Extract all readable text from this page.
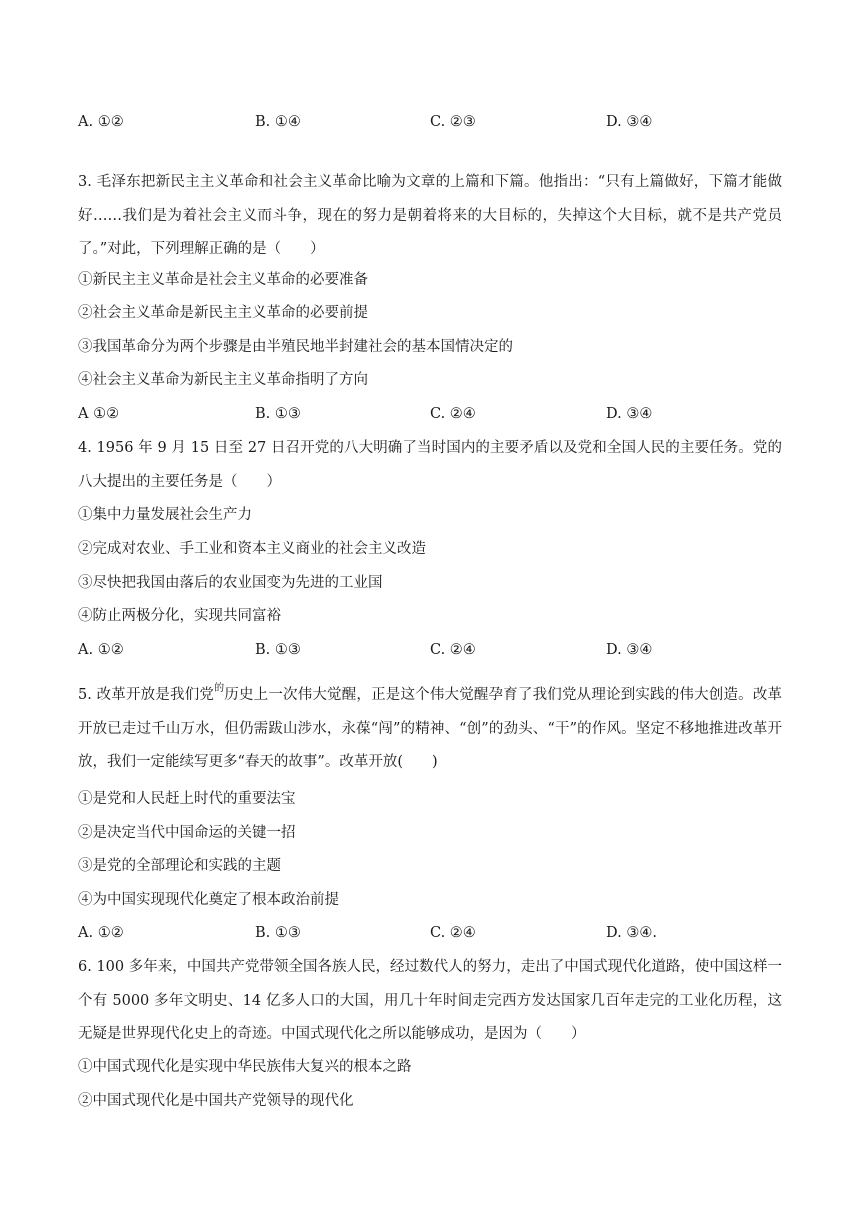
A. ①②	B. ①④	C. ②③	D. ③④
3. 毛泽东把新民主主义革命和社会主义革命比喻为文章的上篇和下篇。他指出：“只有上篇做好，下篇才能做好……我们是为着社会主义而斗争，现在的努力是朝着将来的大目标的，失掉这个大目标，就不是共产党员了。”对此，下列理解正确的是（　　）
①新民主主义革命是社会主义革命的必要准备
②社会主义革命是新民主主义革命的必要前提
③我国革命分为两个步骤是由半殖民地半封建社会的基本国情决定的
④社会主义革命为新民主主义革命指明了方向
A ①②	B. ①③	C. ②④	D. ③④
4. 1956 年 9 月 15 日至 27 日召开党的八大明确了当时国内的主要矛盾以及党和全国人民的主要任务。党的八大提出的主要任务是（　　）
①集中力量发展社会生产力
②完成对农业、手工业和资本主义商业的社会主义改造
③尽快把我国由落后的农业国变为先进的工业国
④防止两极分化，实现共同富裕
A. ①②	B. ①③	C. ②④	D. ③④
5. 改革开放是我们党$^的$历史上一次伟大觉醒，正是这个伟大觉醒孕育了我们党从理论到实践的伟大创造。改革开放已走过千山万水，但仍需跋山涉水，永葆“闯”的精神、“创”的劲头、“干”的作风。坚定不移地推进改革开放，我们一定能续写更多“春天的故事”。改革开放(　　)
①是党和人民赶上时代的重要法宝
②是决定当代中国命运的关键一招
③是党的全部理论和实践的主题
④为中国实现现代化奠定了根本政治前提
A. ①②	B. ①③	C. ②④	D. ③④.
6. 100 多年来，中国共产党带领全国各族人民，经过数代人的努力，走出了中国式现代化道路，使中国这样一个有 5000 多年文明史、14 亿多人口的大国，用几十年时间走完西方发达国家几百年走完的工业化历程，这无疑是世界现代化史上的奇迹。中国式现代化之所以能够成功，是因为（　　）
①中国式现代化是实现中华民族伟大复兴的根本之路
②中国式现代化是中国共产党领导的现代化
